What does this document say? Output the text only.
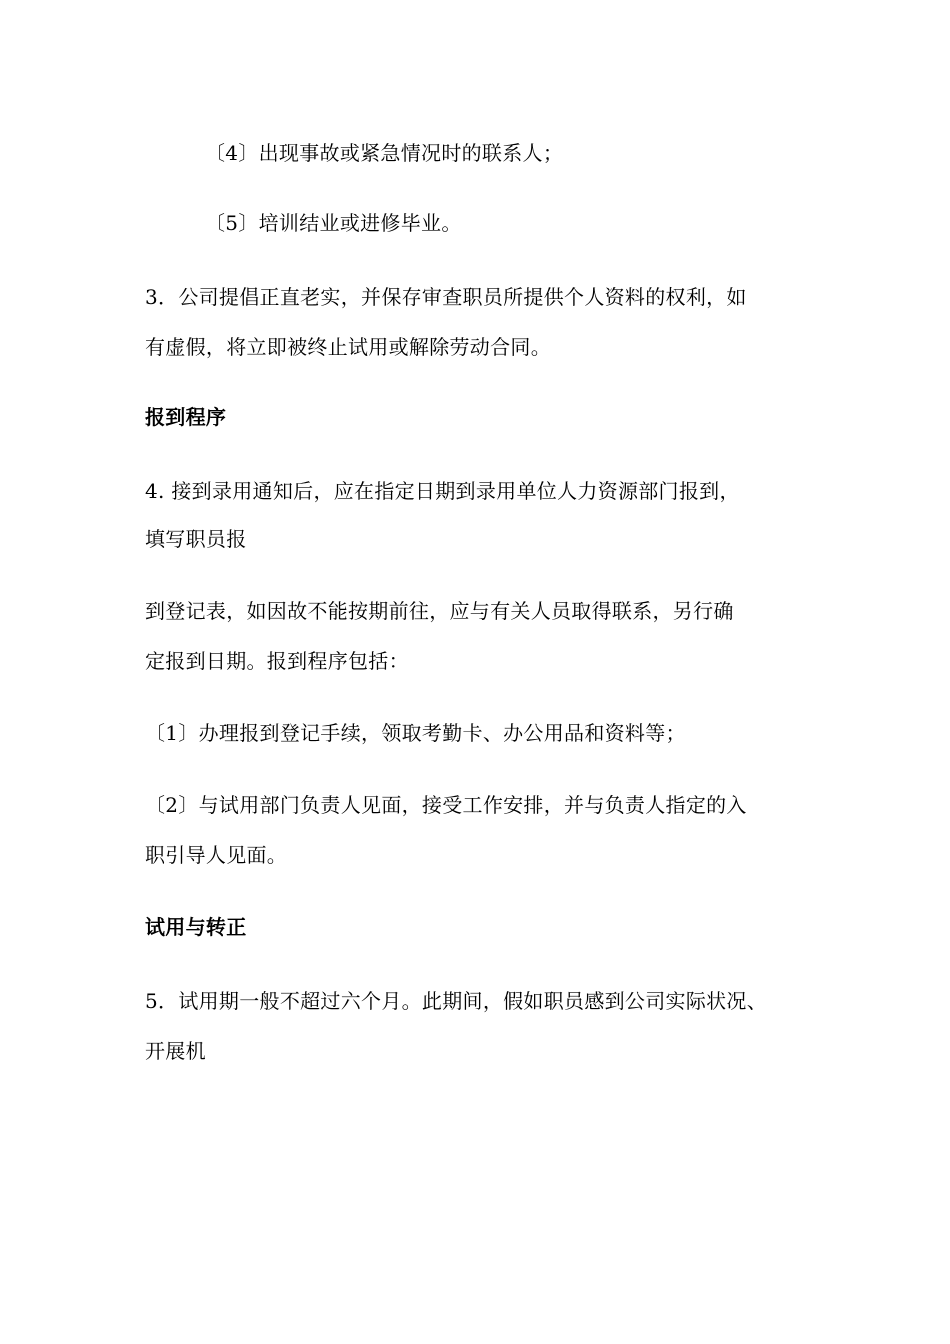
〔4〕出现事故或紧急情况时的联系人；
〔5〕培训结业或进修毕业。
3．公司提倡正直老实，并保存审查职员所提供个人资料的权利，如
有虚假，将立即被终止试用或解除劳动合同。
报到程序
4. 接到录用通知后，应在指定日期到录用单位人力资源部门报到，
填写职员报
到登记表，如因故不能按期前往，应与有关人员取得联系，另行确
定报到日期。报到程序包括：
〔1〕办理报到登记手续，领取考勤卡、办公用品和资料等；
〔2〕与试用部门负责人见面，接受工作安排，并与负责人指定的入
职引导人见面。
试用与转正
5．试用期一般不超过六个月。此期间，假如职员感到公司实际状况、
开展机
